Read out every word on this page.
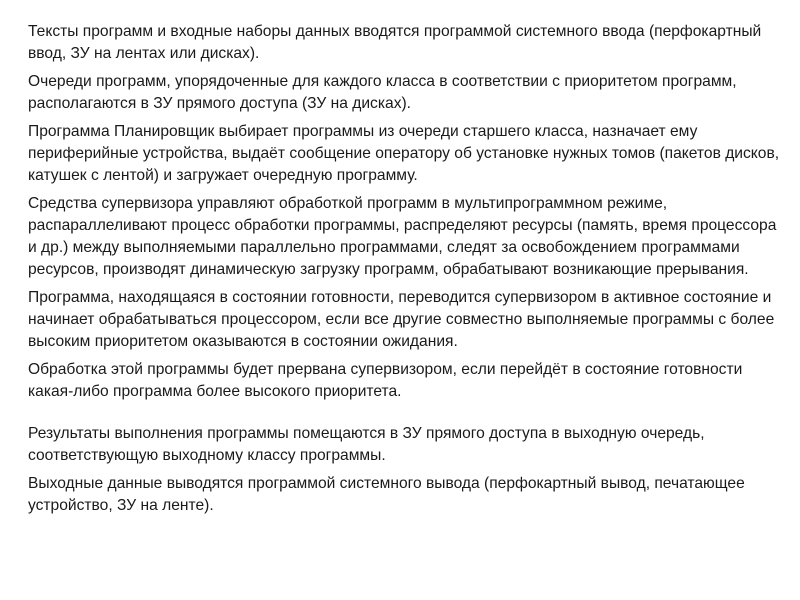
Тексты программ и входные наборы данных вводятся программой системного ввода (перфокартный ввод, ЗУ на лентах или дисках).

Очереди программ, упорядоченные для каждого класса в соответствии с приоритетом программ, располагаются в ЗУ прямого доступа (ЗУ на дисках).

Программа Планировщик выбирает программы из очереди старшего класса, назначает ему периферийные устройства, выдаёт сообщение оператору об установке нужных томов (пакетов дисков, катушек с лентой) и загружает очередную программу.

Средства супервизора управляют обработкой программ в мультипрограммном режиме, распараллеливают процесс обработки программы, распределяют ресурсы (память, время процессора и др.) между выполняемыми параллельно программами, следят за освобождением программами ресурсов, производят динамическую загрузку программ, обрабатывают возникающие прерывания.

Программа, находящаяся в состоянии готовности, переводится супервизором в активное состояние и начинает обрабатываться процессором, если все другие совместно выполняемые программы с более высоким приоритетом оказываются в состоянии ожидания.

Обработка этой программы будет прервана супервизором, если перейдёт в состояние готовности какая-либо программа более высокого приоритета.

Результаты выполнения программы помещаются в ЗУ прямого доступа в выходную очередь, соответствующую выходному классу программы.

Выходные данные выводятся программой системного вывода (перфокартный вывод, печатающее устройство, ЗУ на ленте).
